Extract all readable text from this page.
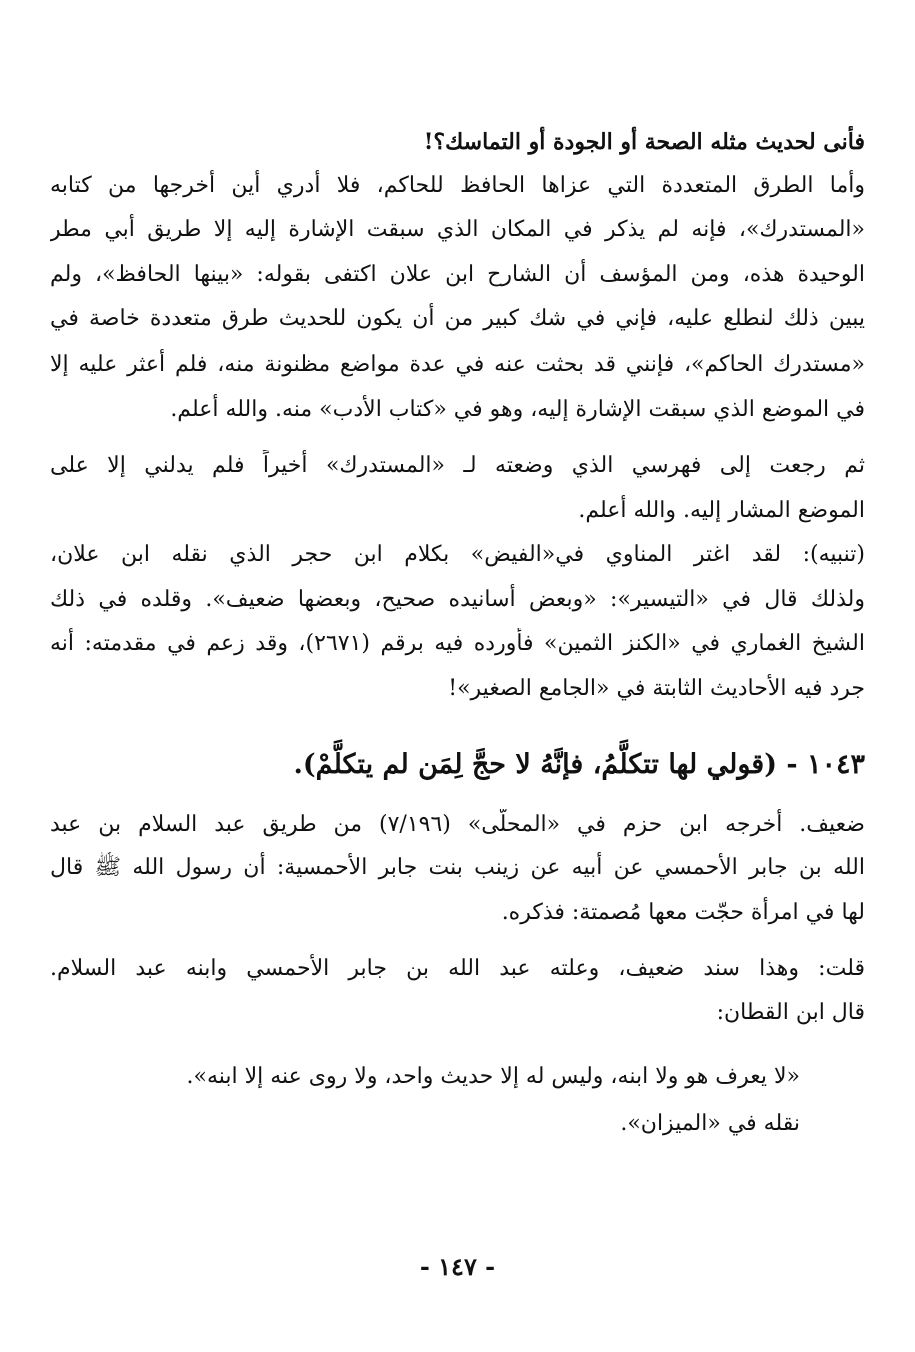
فأنى لحديث مثله الصحة أو الجودة أو التماسك؟!
وأما الطرق المتعددة التي عزاها الحافظ للحاكم، فلا أدري أين أخرجها من كتابه
«المستدرك»، فإنه لم يذكر في المكان الذي سبقت الإشارة إليه إلا طريق أبي مطر
الوحيدة هذه، ومن المؤسف أن الشارح ابن علان اكتفى بقوله: «بينها الحافظ»، ولم
يبين ذلك لنطلع عليه، فإني في شك كبير من أن يكون للحديث طرق متعددة خاصة في
«مستدرك الحاكم»، فإنني قد بحثت عنه في عدة مواضع مظنونة منه، فلم أعثر عليه إلا
في الموضع الذي سبقت الإشارة إليه، وهو في «كتاب الأدب» منه. والله أعلم.
ثم رجعت إلى فهرسي الذي وضعته لـ «المستدرك» أخيراً فلم يدلني إلا على
الموضع المشار إليه. والله أعلم.
(تنبيه): لقد اغتر المناوي في«الفيض» بكلام ابن حجر الذي نقله ابن علان،
ولذلك قال في «التيسير»: «وبعض أسانيده صحيح، وبعضها ضعيف». وقلده في ذلك
الشيخ الغماري في «الكنز الثمين» فأورده فيه برقم (٢٦٧١)، وقد زعم في مقدمته: أنه
جرد فيه الأحاديث الثابتة في «الجامع الصغير»!
١٠٤٣ - (قولي لها تتكلَّمُ، فإنَّهُ لا حجَّ لِمَن لم يتكلَّمْ).
ضعيف. أخرجه ابن حزم في «المحلّى» (٧/١٩٦) من طريق عبد السلام بن عبد
الله بن جابر الأحمسي عن أبيه عن زينب بنت جابر الأحمسية: أن رسول الله ﷺ قال
لها في امرأة حجّت معها مُصمتة: فذكره.
قلت: وهذا سند ضعيف، وعلته عبد الله بن جابر الأحمسي وابنه عبد السلام.
قال ابن القطان:
«لا يعرف هو ولا ابنه، وليس له إلا حديث واحد، ولا روى عنه إلا ابنه».
نقله في «الميزان».
- ١٤٧ -
